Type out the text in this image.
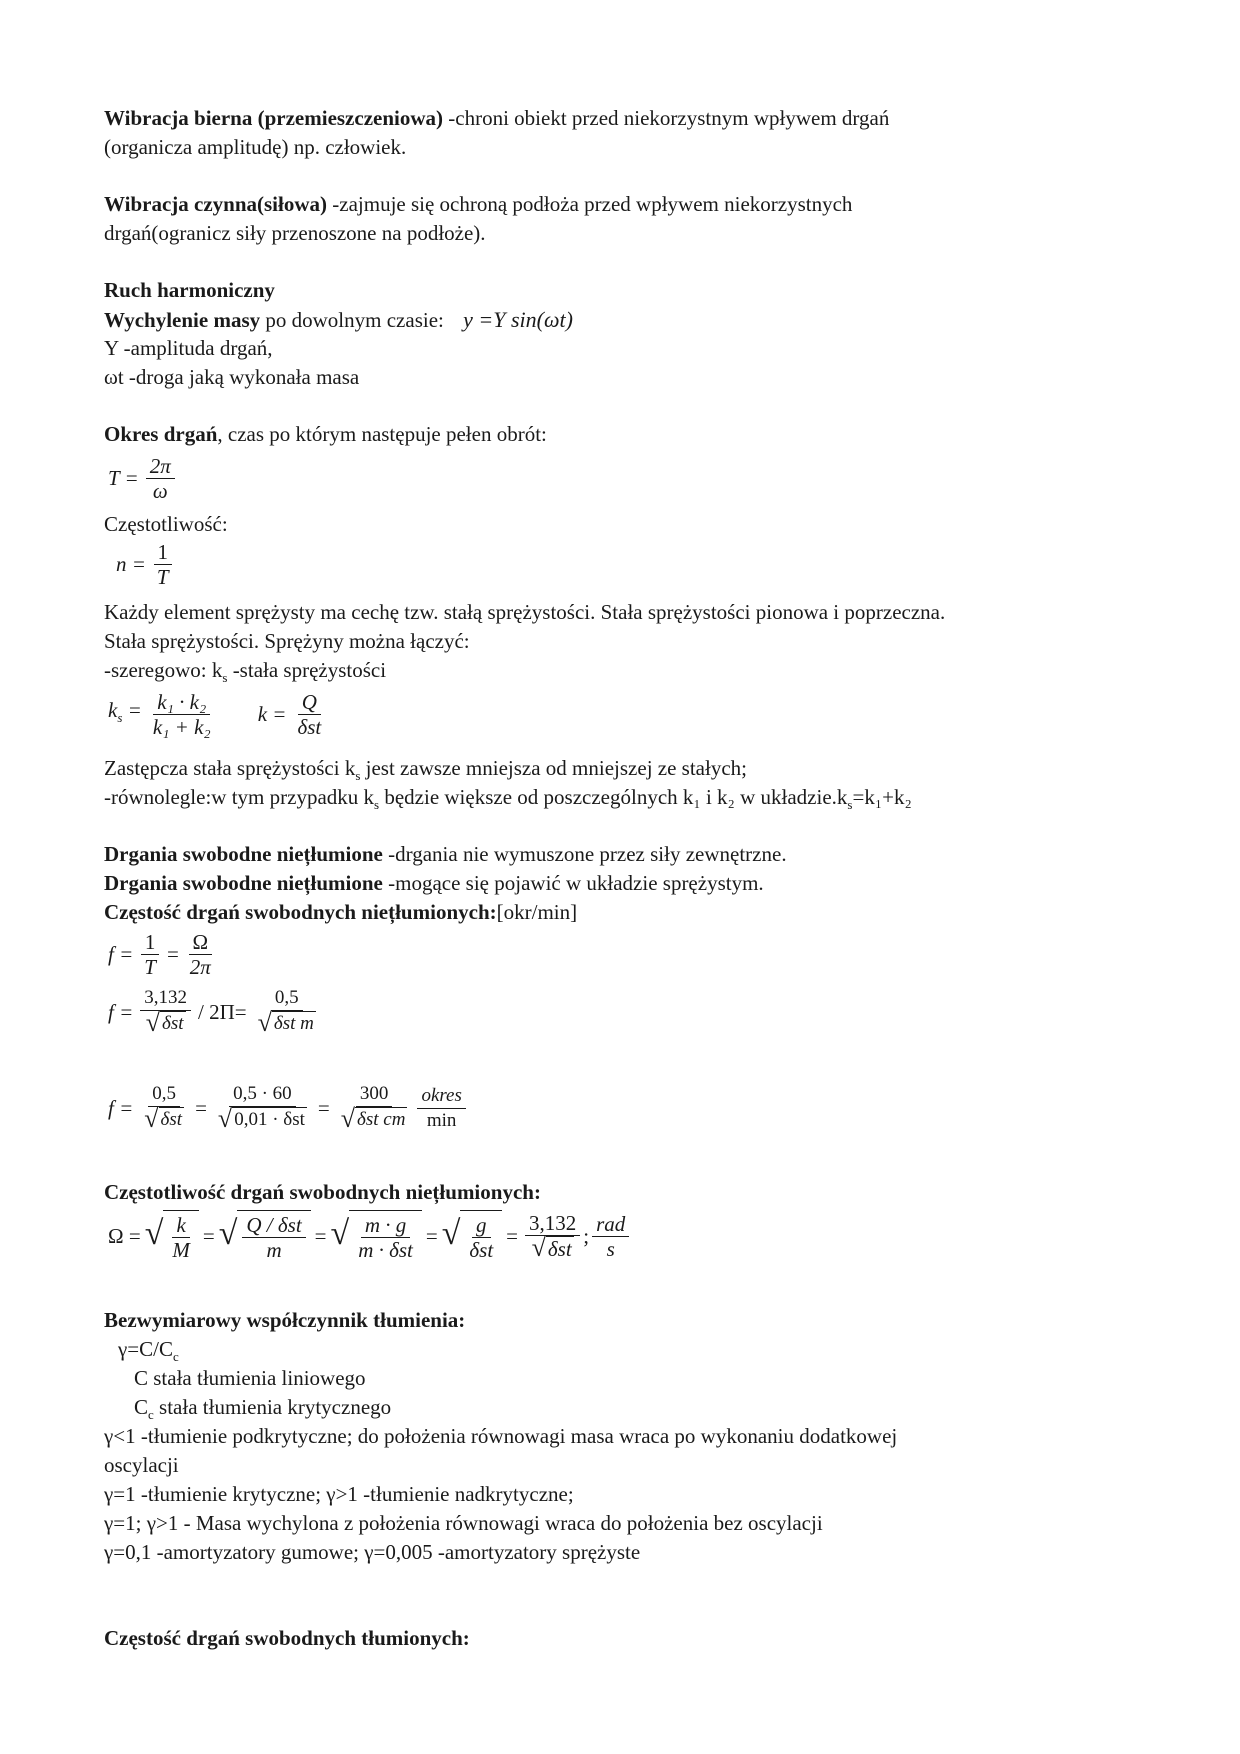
Wibracja bierna (przemieszczeniowa) -chroni obiekt przed niekorzystnym wpływem drgań
(organicza amplitudę) np. człowiek.
Wibracja czynna(siłowa) -zajmuje się ochroną podłoża przed wpływem niekorzystnych
drgań(ogranicz siły przenoszone na podłoże).
Ruch harmoniczny
Wychylenie masy po dowolnym czasie: y =Y sin(ωt)
Y -amplituda drgań,
ωt -droga jaką wykonała masa
Okres drgań, czas po którym następuje pełen obrót:
$T = \frac{2\pi}{\omega}$
Częstotliwość:
$n = \frac{1}{T}$
Każdy element sprężysty ma cechę tzw. stałą sprężystości. Stała sprężystości pionowa i poprzeczna.
Stała sprężystości. Sprężyny można łączyć:
-szeregowo: $k_s$ -stała sprężystości
$k_s = \frac{\text{k₁ · k₂}}{\text{k₁ + k₂}}$ $k = \frac{Q}{\text{δst}}$
Zastępcza stała sprężystości $k_s$ jest zawsze mniejsza od mniejszej ze stałych;
-równolegle:w tym przypadku $k_s$ będzie większe od poszczególnych k₁ i k₂ w $układzie.k_s=k_1+k_2$
Drgania swobodne niețłumione -drgania nie wymuszone przez siły zewnętrzne.
Drgania swobodne niețłumione -mogące się pojawić w układzie sprężystym.
Częstość drgań swobodnych niețłumionych:[okr/min]
$f = \frac{1}{T} = \frac{\Omega}{2\pi}$
$f = \frac{3,132}{\text{√ δst}} / 2\Pi= \frac{0,5}{\text{√ δst m}}$
$f = \frac{0,5}{\text{√ δst}} = \frac{0,5 \cdot 60}{\text{√ 0,01 · δst}} = \frac{300}{\text{√ δst cm}} \frac{\text{okres}}{\min}$
Częstotliwość drgań swobodnych niețłumionych:
Ω = √ $\frac{k}{M}$ = √ $\frac{\text{Q / δst}}{m}$ = √ $\frac{m \cdot g}{\text{m · δst}}$ = √ $\frac{g}{\text{δst}} = \frac{3,132}{\text{√ δst}}$ ; $\frac{\text{rad}}{s}$
Bezwymiarowy współczynnik tłumienia:
$\gamma=C/C_c$
C stała tłumienia liniowego
$C_c$ stała tłumienia krytycznego
γ<1 -tłumienie podkrytyczne; do położenia równowagi masa wraca po wykonaniu dodatkowej
oscylacji
γ=1 -tłumienie krytyczne; γ>1 -tłumienie nadkrytyczne;
γ=1; γ>1 - Masa wychylona z położenia równowagi wraca do położenia bez oscylacji
γ=0,1 -amortyzatory gumowe; γ=0,005 -amortyzatory sprężyste
Częstość drgań swobodnych tłumionych:
